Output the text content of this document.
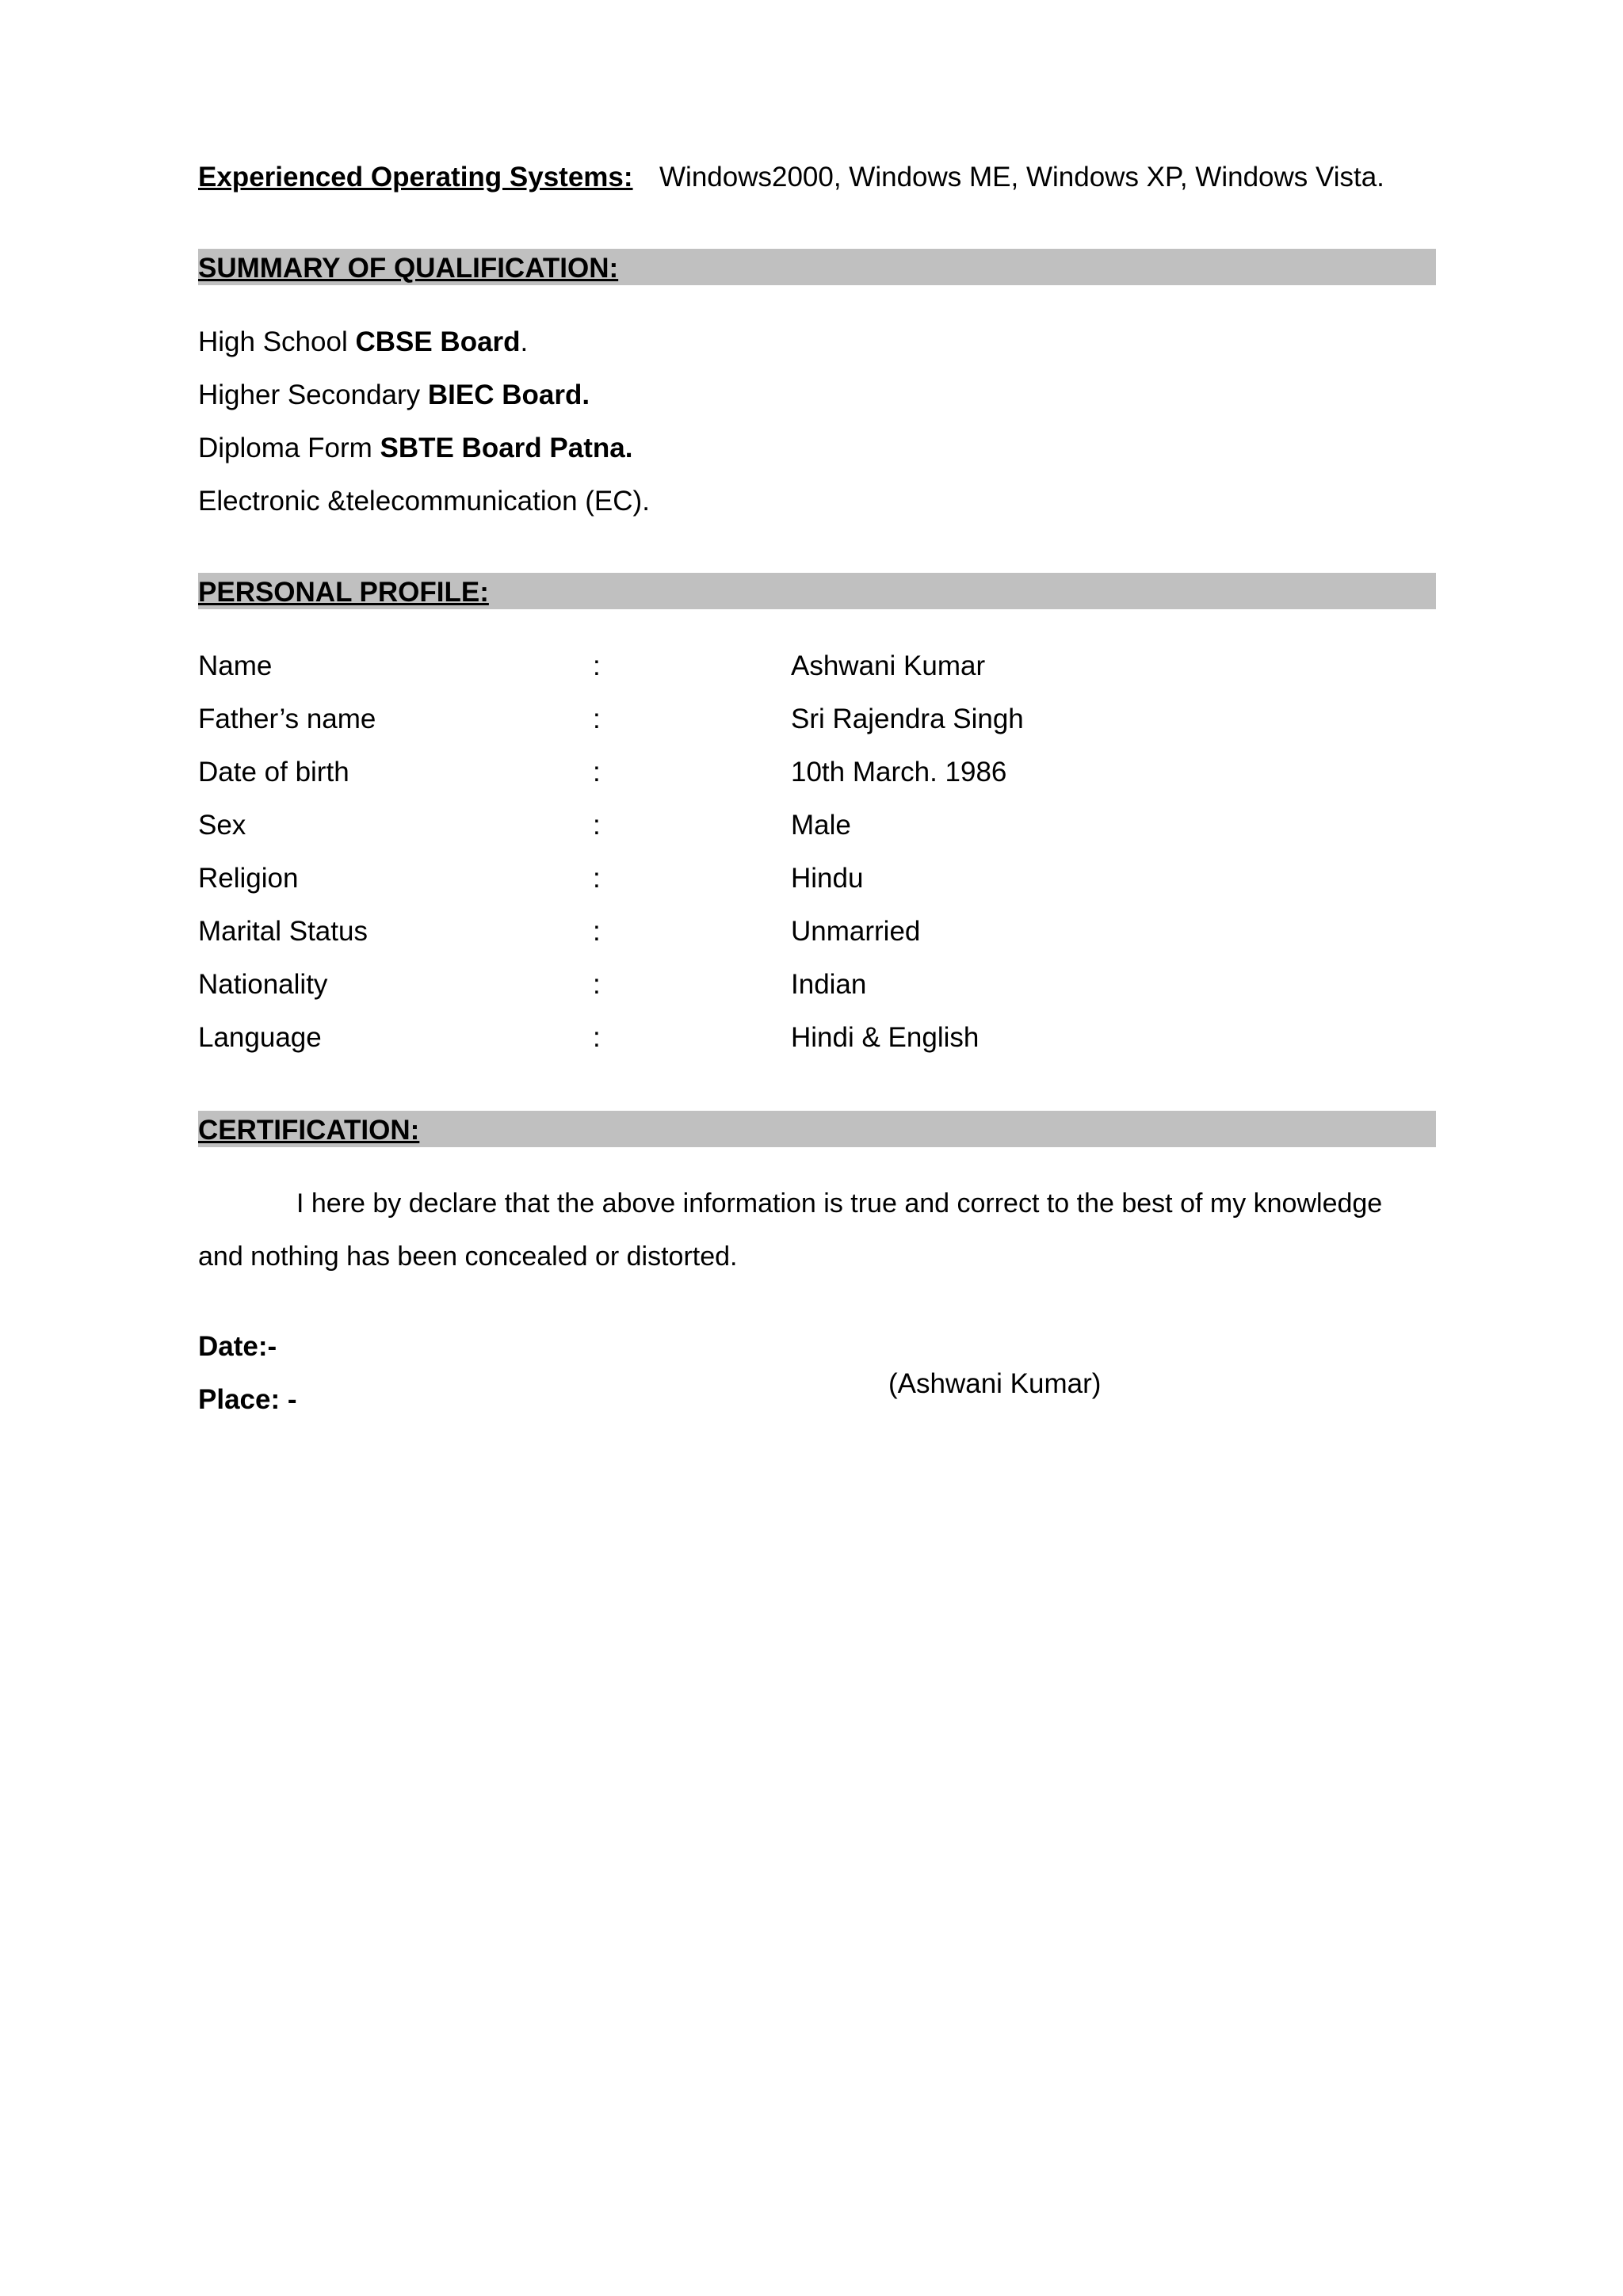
Experienced Operating Systems: Windows2000, Windows ME, Windows XP, Windows Vista.
SUMMARY OF QUALIFICATION:
High School CBSE Board.
Higher Secondary BIEC Board.
Diploma Form SBTE Board Patna.
Electronic &telecommunication (EC).
PERSONAL PROFILE:
Name	:	Ashwani Kumar
Father’s name	:	Sri Rajendra Singh
Date of birth	:	10th March. 1986
Sex	:	Male
Religion	:	Hindu
Marital Status	:	Unmarried
Nationality	:	Indian
Language	:	Hindi & English
CERTIFICATION:
I here by declare that the above information is true and correct to the best of my knowledge
and nothing has been concealed or distorted.
Date:-
Place: -
(Ashwani Kumar)
